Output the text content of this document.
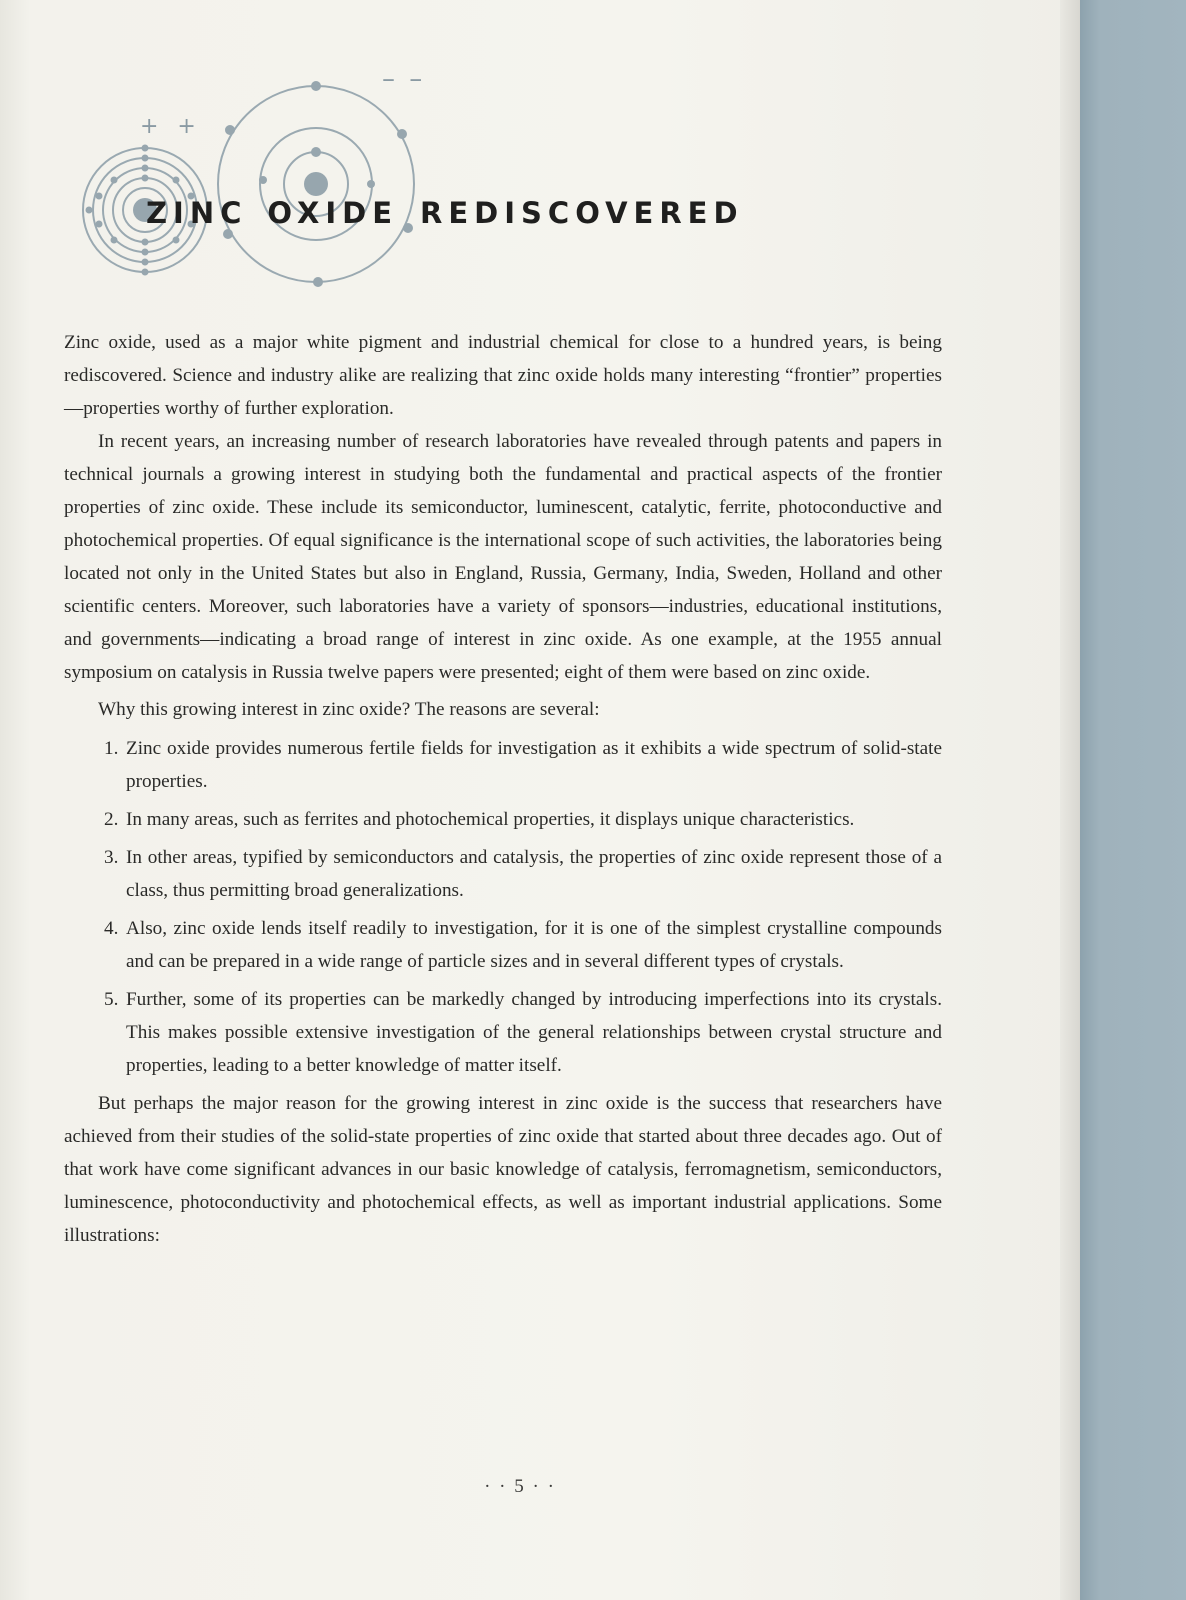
+ +
– –
ZINC OXIDE REDISCOVERED

Zinc oxide, used as a major white pigment and industrial chemical for close to a hundred years, is being rediscovered. Science and industry alike are realizing that zinc oxide holds many interesting “frontier” properties—properties worthy of further exploration.

In recent years, an increasing number of research laboratories have revealed through patents and papers in technical journals a growing interest in studying both the fundamental and practical aspects of the frontier properties of zinc oxide. These include its semiconductor, luminescent, catalytic, ferrite, photoconductive and photochemical properties. Of equal significance is the international scope of such activities, the laboratories being located not only in the United States but also in England, Russia, Germany, India, Sweden, Holland and other scientific centers. Moreover, such laboratories have a variety of sponsors—industries, educational institutions, and governments—indicating a broad range of interest in zinc oxide. As one example, at the 1955 annual symposium on catalysis in Russia twelve papers were presented; eight of them were based on zinc oxide.

Why this growing interest in zinc oxide? The reasons are several:

1. Zinc oxide provides numerous fertile fields for investigation as it exhibits a wide spectrum of solid-state properties.
2. In many areas, such as ferrites and photochemical properties, it displays unique characteristics.
3. In other areas, typified by semiconductors and catalysis, the properties of zinc oxide represent those of a class, thus permitting broad generalizations.
4. Also, zinc oxide lends itself readily to investigation, for it is one of the simplest crystalline compounds and can be prepared in a wide range of particle sizes and in several different types of crystals.
5. Further, some of its properties can be markedly changed by introducing imperfections into its crystals. This makes possible extensive investigation of the general relationships between crystal structure and properties, leading to a better knowledge of matter itself.

But perhaps the major reason for the growing interest in zinc oxide is the success that researchers have achieved from their studies of the solid-state properties of zinc oxide that started about three decades ago. Out of that work have come significant advances in our basic knowledge of catalysis, ferromagnetism, semiconductors, luminescence, photoconductivity and photochemical effects, as well as important industrial applications. Some illustrations:

· · 5 · ·
